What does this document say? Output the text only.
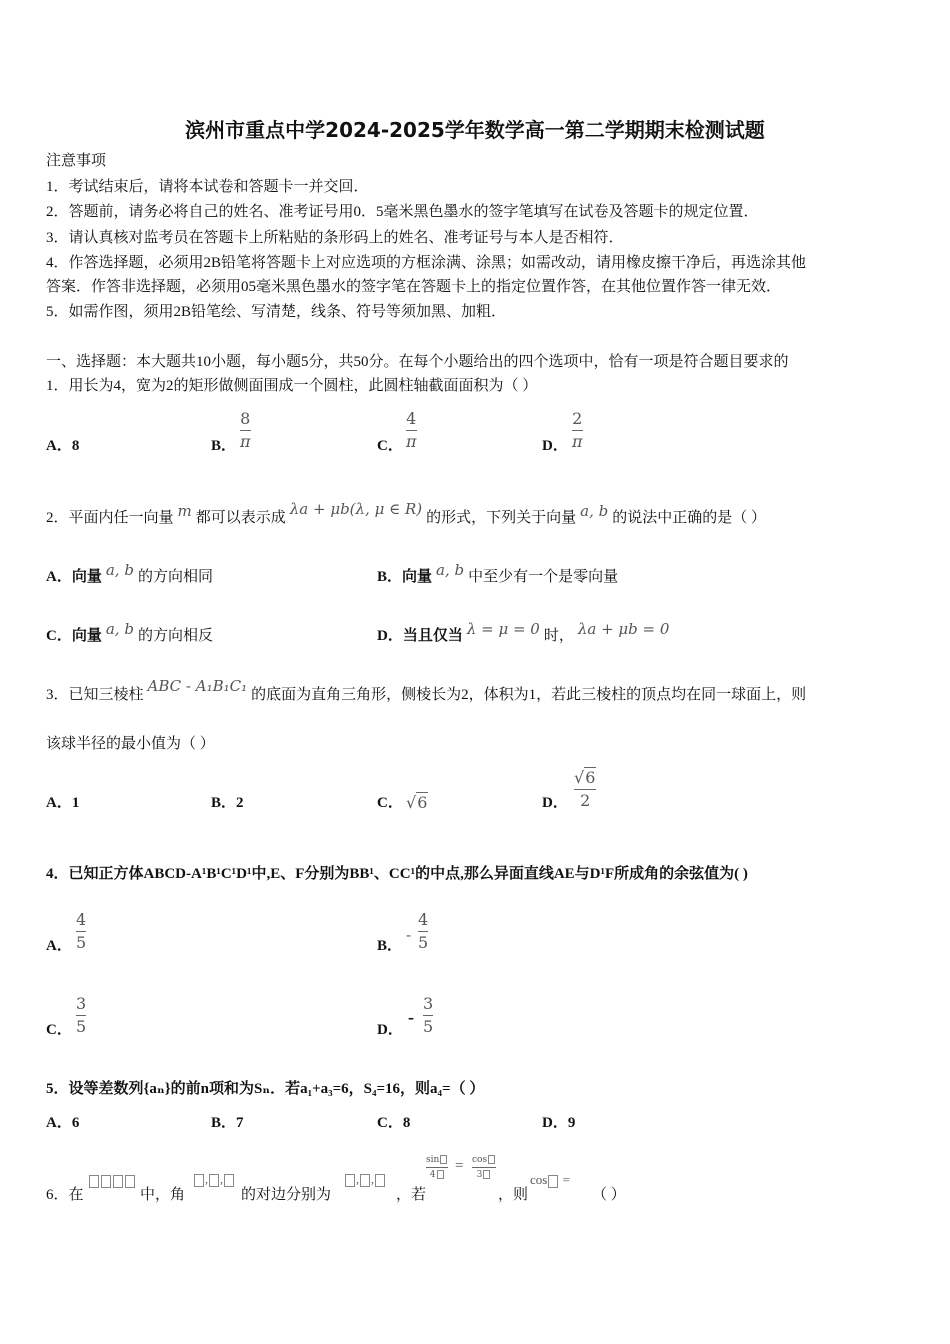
滨州市重点中学2024-2025学年数学高一第二学期期末检测试题
注意事项
1．考试结束后，请将本试卷和答题卡一并交回．
2．答题前，请务必将自己的姓名、准考证号用0．5毫米黑色墨水的签字笔填写在试卷及答题卡的规定位置．
3．请认真核对监考员在答题卡上所粘贴的条形码上的姓名、准考证号与本人是否相符．
4．作答选择题，必须用2B铅笔将答题卡上对应选项的方框涂满、涂黑；如需改动，请用橡皮擦干净后，再选涂其他
答案．作答非选择题，必须用05毫米黑色墨水的签字笔在答题卡上的指定位置作答，在其他位置作答一律无效．
5．如需作图，须用2B铅笔绘、写清楚，线条、符号等须加黑、加粗．
一、选择题：本大题共10小题，每小题5分，共50分。在每个小题给出的四个选项中，恰有一项是符合题目要求的
1．用长为4，宽为2的矩形做侧面围成一个圆柱，此圆柱轴截面面积为（ ）
A．8	B．
8
π	C．
4
π	D．
2
π
2．平面内任一向量 m 都可以表示成 λa + μb(λ, μ ∈ R) 的形式，下列关于向量 a, b 的说法中正确的是（ ）
A．向量 a, b 的方向相同	B．向量 a, b 中至少有一个是零向量
C．向量 a, b 的方向相反	D．当且仅当 λ = μ = 0 时， λa + μb = 0
3．已知三棱柱 ABC - A₁B₁C₁ 的底面为直角三角形，侧棱长为2，体积为1，若此三棱柱的顶点均在同一球面上，则
该球半径的最小值为（ ）
A．1	B．2	C． √6	D．
√6
2
4．已知正方体ABCD-A¹B¹C¹D¹中,E、F分别为BB¹、CC¹的中点,那么异面直线AE与D¹F所成角的余弦值为( )
A．
4
5	B．
-
4
5
C．
3
5	D．
-
3
5
5．设等差数列{aₙ}的前n项和为Sₙ．若a₁+a₃=6，S₄=16，则a₄=（ ）
A．6	B．7	C．8	D．9
6．在	中，角
, ,
的对边分别为
, ,
，若
sin
4
= cos
3
，则
cos =
（ ）
